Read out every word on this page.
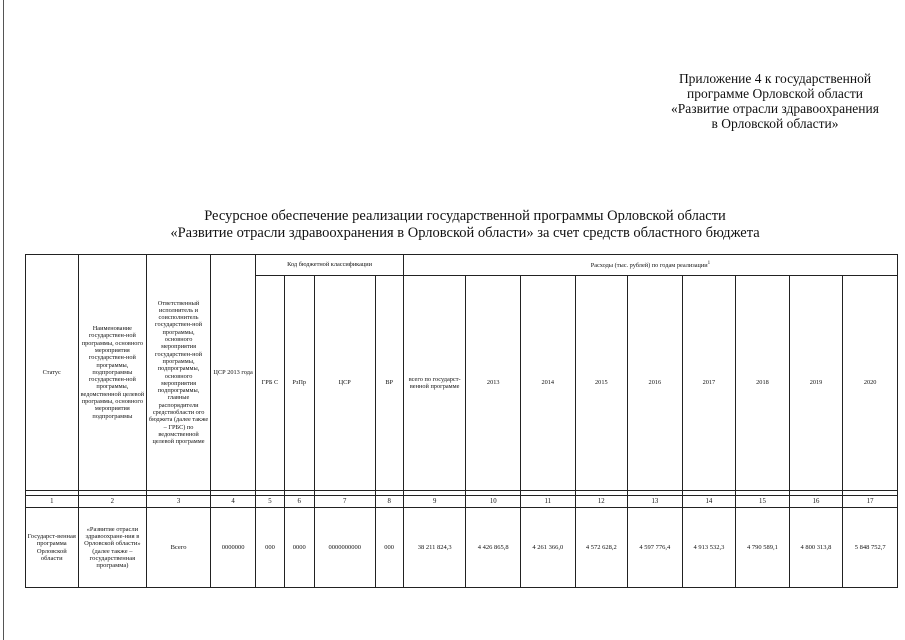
Приложение 4 к государственной
программе Орловской области
«Развитие отрасли здравоохранения
в Орловской области»
Ресурсное обеспечение реализации государственной программы Орловской области
«Развитие отрасли здравоохранения в Орловской области» за счет средств областного бюджета
Статус	Наименование государствен-ной программы, основного мероприятия государствен-ной программы, подпрограммы государствен-ной программы, ведомственной целевой программы, основного мероприятия подпрограммы	Ответственный исполнитель и соисполнитель государствен-ной программы, основного мероприятия государствен-ной программы, подпрограммы, основного мероприятия подпрограммы, главные распорядители средствобласти ого бюджета (далее также – ГРБС) по ведомственной целевой программе	ЦСР 2013 года	Код бюджетной классификации				Расходы (тыс. рублей) по годам реализации$^1$
				ГРБ С	РзПр	ЦСР	ВР	всего по государст-венной программе	2013	2014	2015	2016	2017	2018	2019	2020

1	2	3	4	5	6	7	8	9	10	11	12	13	14	15	16	17
Государст-венная программа Орловской области	«Развитие отрасли здравоохране-ния в Орловской области» (далее также – государственная программа)	Всего	0000000	000	0000	0000000000	000	38 211 824,3	4 426 865,8	4 261 366,0	4 572 628,2	4 597 776,4	4 913 532,3	4 790 589,1	4 800 313,8	5 848 752,7
